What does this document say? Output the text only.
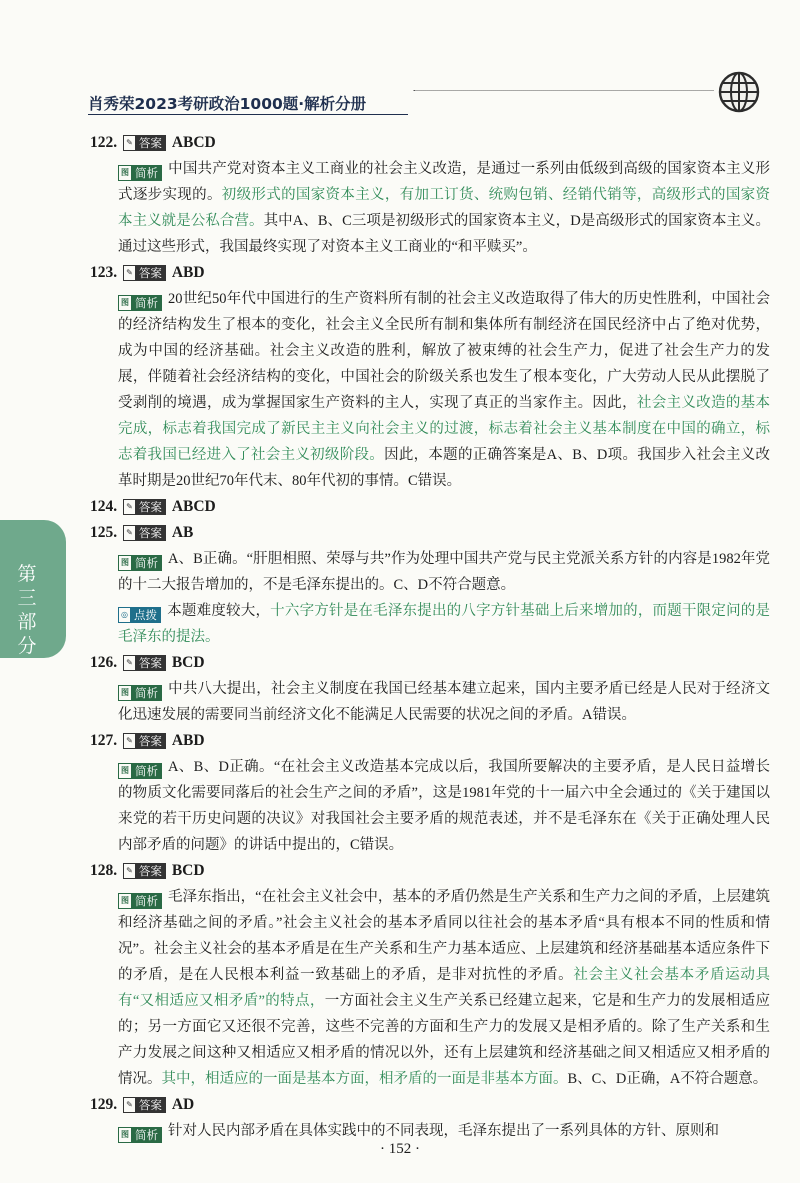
肖秀荣2023考研政治1000题·解析分册

第三部分

122.	✎ 答案 ABCD
图 简析 中国共产党对资本主义工商业的社会主义改造，是通过一系列由低级到高级的国家资本主义形式逐步实现的。初级形式的国家资本主义，有加工订货、统购包销、经销代销等，高级形式的国家资本主义就是公私合营。其中A、B、C三项是初级形式的国家资本主义，D是高级形式的国家资本主义。通过这些形式，我国最终实现了对资本主义工商业的“和平赎买”。
123.	✎ 答案 ABD
图 简析 20世纪50年代中国进行的生产资料所有制的社会主义改造取得了伟大的历史性胜利，中国社会的经济结构发生了根本的变化，社会主义全民所有制和集体所有制经济在国民经济中占了绝对优势，成为中国的经济基础。社会主义改造的胜利，解放了被束缚的社会生产力，促进了社会生产力的发展，伴随着社会经济结构的变化，中国社会的阶级关系也发生了根本变化，广大劳动人民从此摆脱了受剥削的境遇，成为掌握国家生产资料的主人，实现了真正的当家作主。因此，社会主义改造的基本完成，标志着我国完成了新民主主义向社会主义的过渡，标志着社会主义基本制度在中国的确立，标志着我国已经进入了社会主义初级阶段。因此，本题的正确答案是A、B、D项。我国步入社会主义改革时期是20世纪70年代末、80年代初的事情。C错误。
124.	✎ 答案 ABCD
125.	✎ 答案 AB
图 简析 A、B正确。“肝胆相照、荣辱与共”作为处理中国共产党与民主党派关系方针的内容是1982年党的十二大报告增加的，不是毛泽东提出的。C、D不符合题意。
◎ 点拨 本题难度较大，十六字方针是在毛泽东提出的八字方针基础上后来增加的，而题干限定问的是毛泽东的提法。
126.	✎ 答案 BCD
图 简析 中共八大提出，社会主义制度在我国已经基本建立起来，国内主要矛盾已经是人民对于经济文化迅速发展的需要同当前经济文化不能满足人民需要的状况之间的矛盾。A错误。
127.	✎ 答案 ABD
图 简析 A、B、D正确。“在社会主义改造基本完成以后，我国所要解决的主要矛盾，是人民日益增长的物质文化需要同落后的社会生产之间的矛盾”，这是1981年党的十一届六中全会通过的《关于建国以来党的若干历史问题的决议》对我国社会主要矛盾的规范表述，并不是毛泽东在《关于正确处理人民内部矛盾的问题》的讲话中提出的，C错误。
128.	✎ 答案 BCD
图 简析 毛泽东指出，“在社会主义社会中，基本的矛盾仍然是生产关系和生产力之间的矛盾，上层建筑和经济基础之间的矛盾。”社会主义社会的基本矛盾同以往社会的基本矛盾“具有根本不同的性质和情况”。社会主义社会的基本矛盾是在生产关系和生产力基本适应、上层建筑和经济基础基本适应条件下的矛盾，是在人民根本利益一致基础上的矛盾，是非对抗性的矛盾。社会主义社会基本矛盾运动具有“又相适应又相矛盾”的特点，一方面社会主义生产关系已经建立起来，它是和生产力的发展相适应的；另一方面它又还很不完善，这些不完善的方面和生产力的发展又是相矛盾的。除了生产关系和生产力发展之间这种又相适应又相矛盾的情况以外，还有上层建筑和经济基础之间又相适应又相矛盾的情况。其中，相适应的一面是基本方面，相矛盾的一面是非基本方面。B、C、D正确，A不符合题意。
129.	✎ 答案 AD
图 简析 针对人民内部矛盾在具体实践中的不同表现，毛泽东提出了一系列具体的方针、原则和
· 152 ·
